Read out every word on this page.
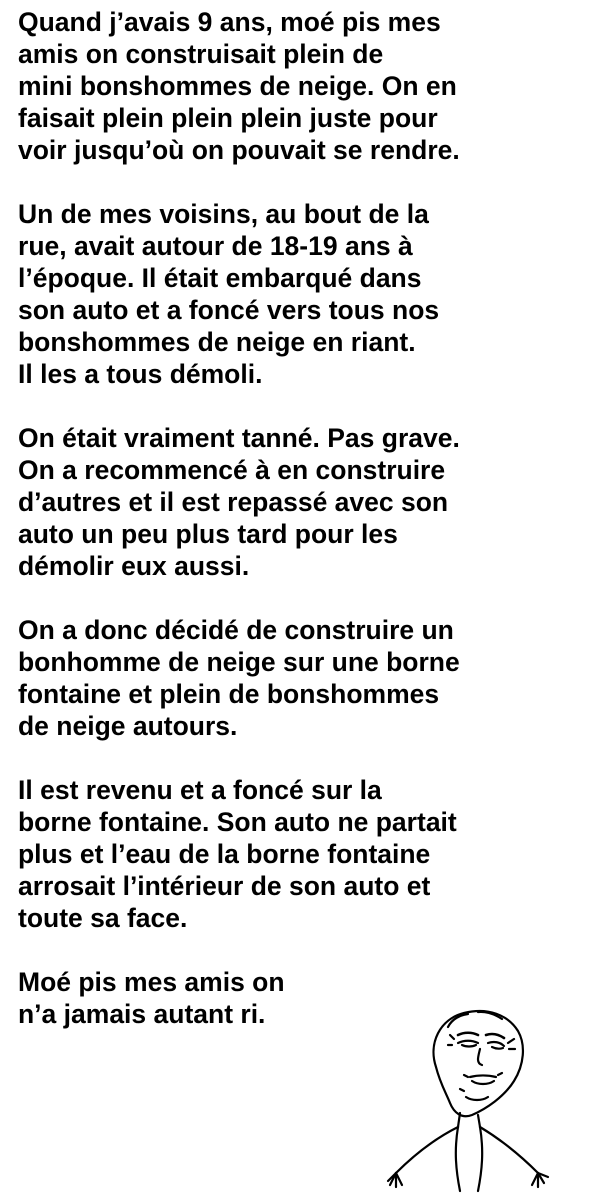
Quand j’avais 9 ans, moé pis mes
amis on construisait plein de
mini bonshommes de neige. On en
faisait plein plein plein juste pour
voir jusqu’où on pouvait se rendre.
Un de mes voisins, au bout de la
rue, avait autour de 18-19 ans à
l’époque. Il était embarqué dans
son auto et a foncé vers tous nos
bonshommes de neige en riant.
Il les a tous démoli.
On était vraiment tanné. Pas grave.
On a recommencé à en construire
d’autres et il est repassé avec son
auto un peu plus tard pour les
démolir eux aussi.
On a donc décidé de construire un
bonhomme de neige sur une borne
fontaine et plein de bonshommes
de neige autours.
Il est revenu et a foncé sur la
borne fontaine. Son auto ne partait
plus et l’eau de la borne fontaine
arrosait l’intérieur de son auto et
toute sa face.
Moé pis mes amis on
n’a jamais autant ri.
